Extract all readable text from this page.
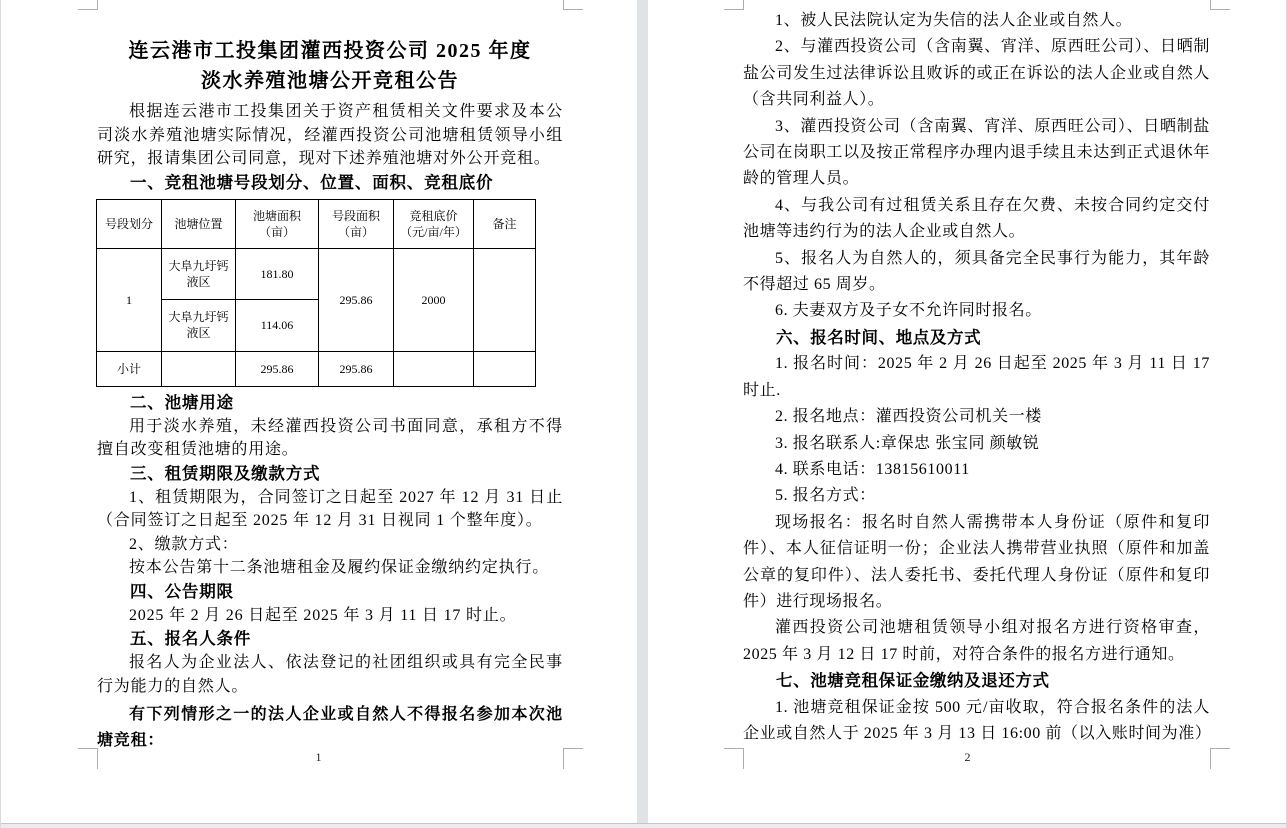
连云港市工投集团灌西投资公司 2025 年度
淡水养殖池塘公开竞租公告

根据连云港市工投集团关于资产租赁相关文件要求及本公司淡水养殖池塘实际情况，经灌西投资公司池塘租赁领导小组研究，报请集团公司同意，现对下述养殖池塘对外公开竞租。

一、竞租池塘号段划分、位置、面积、竞租底价

号段划分	池塘位置	池塘面积（亩）	号段面积（亩）	竞租底价（元/亩/年）	备注
1	大阜九圩钙液区	181.80	295.86	2000	
	大阜九圩钙液区	114.06			
小计		295.86	295.86		

二、池塘用途

用于淡水养殖，未经灌西投资公司书面同意，承租方不得擅自改变租赁池塘的用途。

三、租赁期限及缴款方式

1、租赁期限为，合同签订之日起至 2027 年 12 月 31 日止（合同签订之日起至 2025 年 12 月 31 日视同 1 个整年度）。

2、缴款方式：

按本公告第十二条池塘租金及履约保证金缴纳约定执行。

四、公告期限

2025 年 2 月 26 日起至 2025 年 3 月 11 日 17 时止。

五、报名人条件

报名人为企业法人、依法登记的社团组织或具有完全民事行为能力的自然人。

有下列情形之一的法人企业或自然人不得报名参加本次池塘竞租：

1

1、被人民法院认定为失信的法人企业或自然人。

2、与灌西投资公司（含南翼、宵洋、原西旺公司）、日晒制盐公司发生过法律诉讼且败诉的或正在诉讼的法人企业或自然人（含共同利益人）。

3、灌西投资公司（含南翼、宵洋、原西旺公司）、日晒制盐公司在岗职工以及按正常程序办理内退手续且未达到正式退休年龄的管理人员。

4、与我公司有过租赁关系且存在欠费、未按合同约定交付池塘等违约行为的法人企业或自然人。

5、报名人为自然人的，须具备完全民事行为能力，其年龄不得超过 65 周岁。

6. 夫妻双方及子女不允许同时报名。

六、报名时间、地点及方式

1. 报名时间：2025 年 2 月 26 日起至 2025 年 3 月 11 日 17 时止.

2. 报名地点：灌西投资公司机关一楼

3. 报名联系人:章保忠 张宝同 颜敏锐

4. 联系电话：13815610011

5. 报名方式：

现场报名：报名时自然人需携带本人身份证（原件和复印件）、本人征信证明一份；企业法人携带营业执照（原件和加盖公章的复印件）、法人委托书、委托代理人身份证（原件和复印件）进行现场报名。

灌西投资公司池塘租赁领导小组对报名方进行资格审查，2025 年 3 月 12 日 17 时前，对符合条件的报名方进行通知。

七、池塘竞租保证金缴纳及退还方式

1. 池塘竞租保证金按 500 元/亩收取，符合报名条件的法人企业或自然人于 2025 年 3 月 13 日 16:00 前（以入账时间为准）

2
